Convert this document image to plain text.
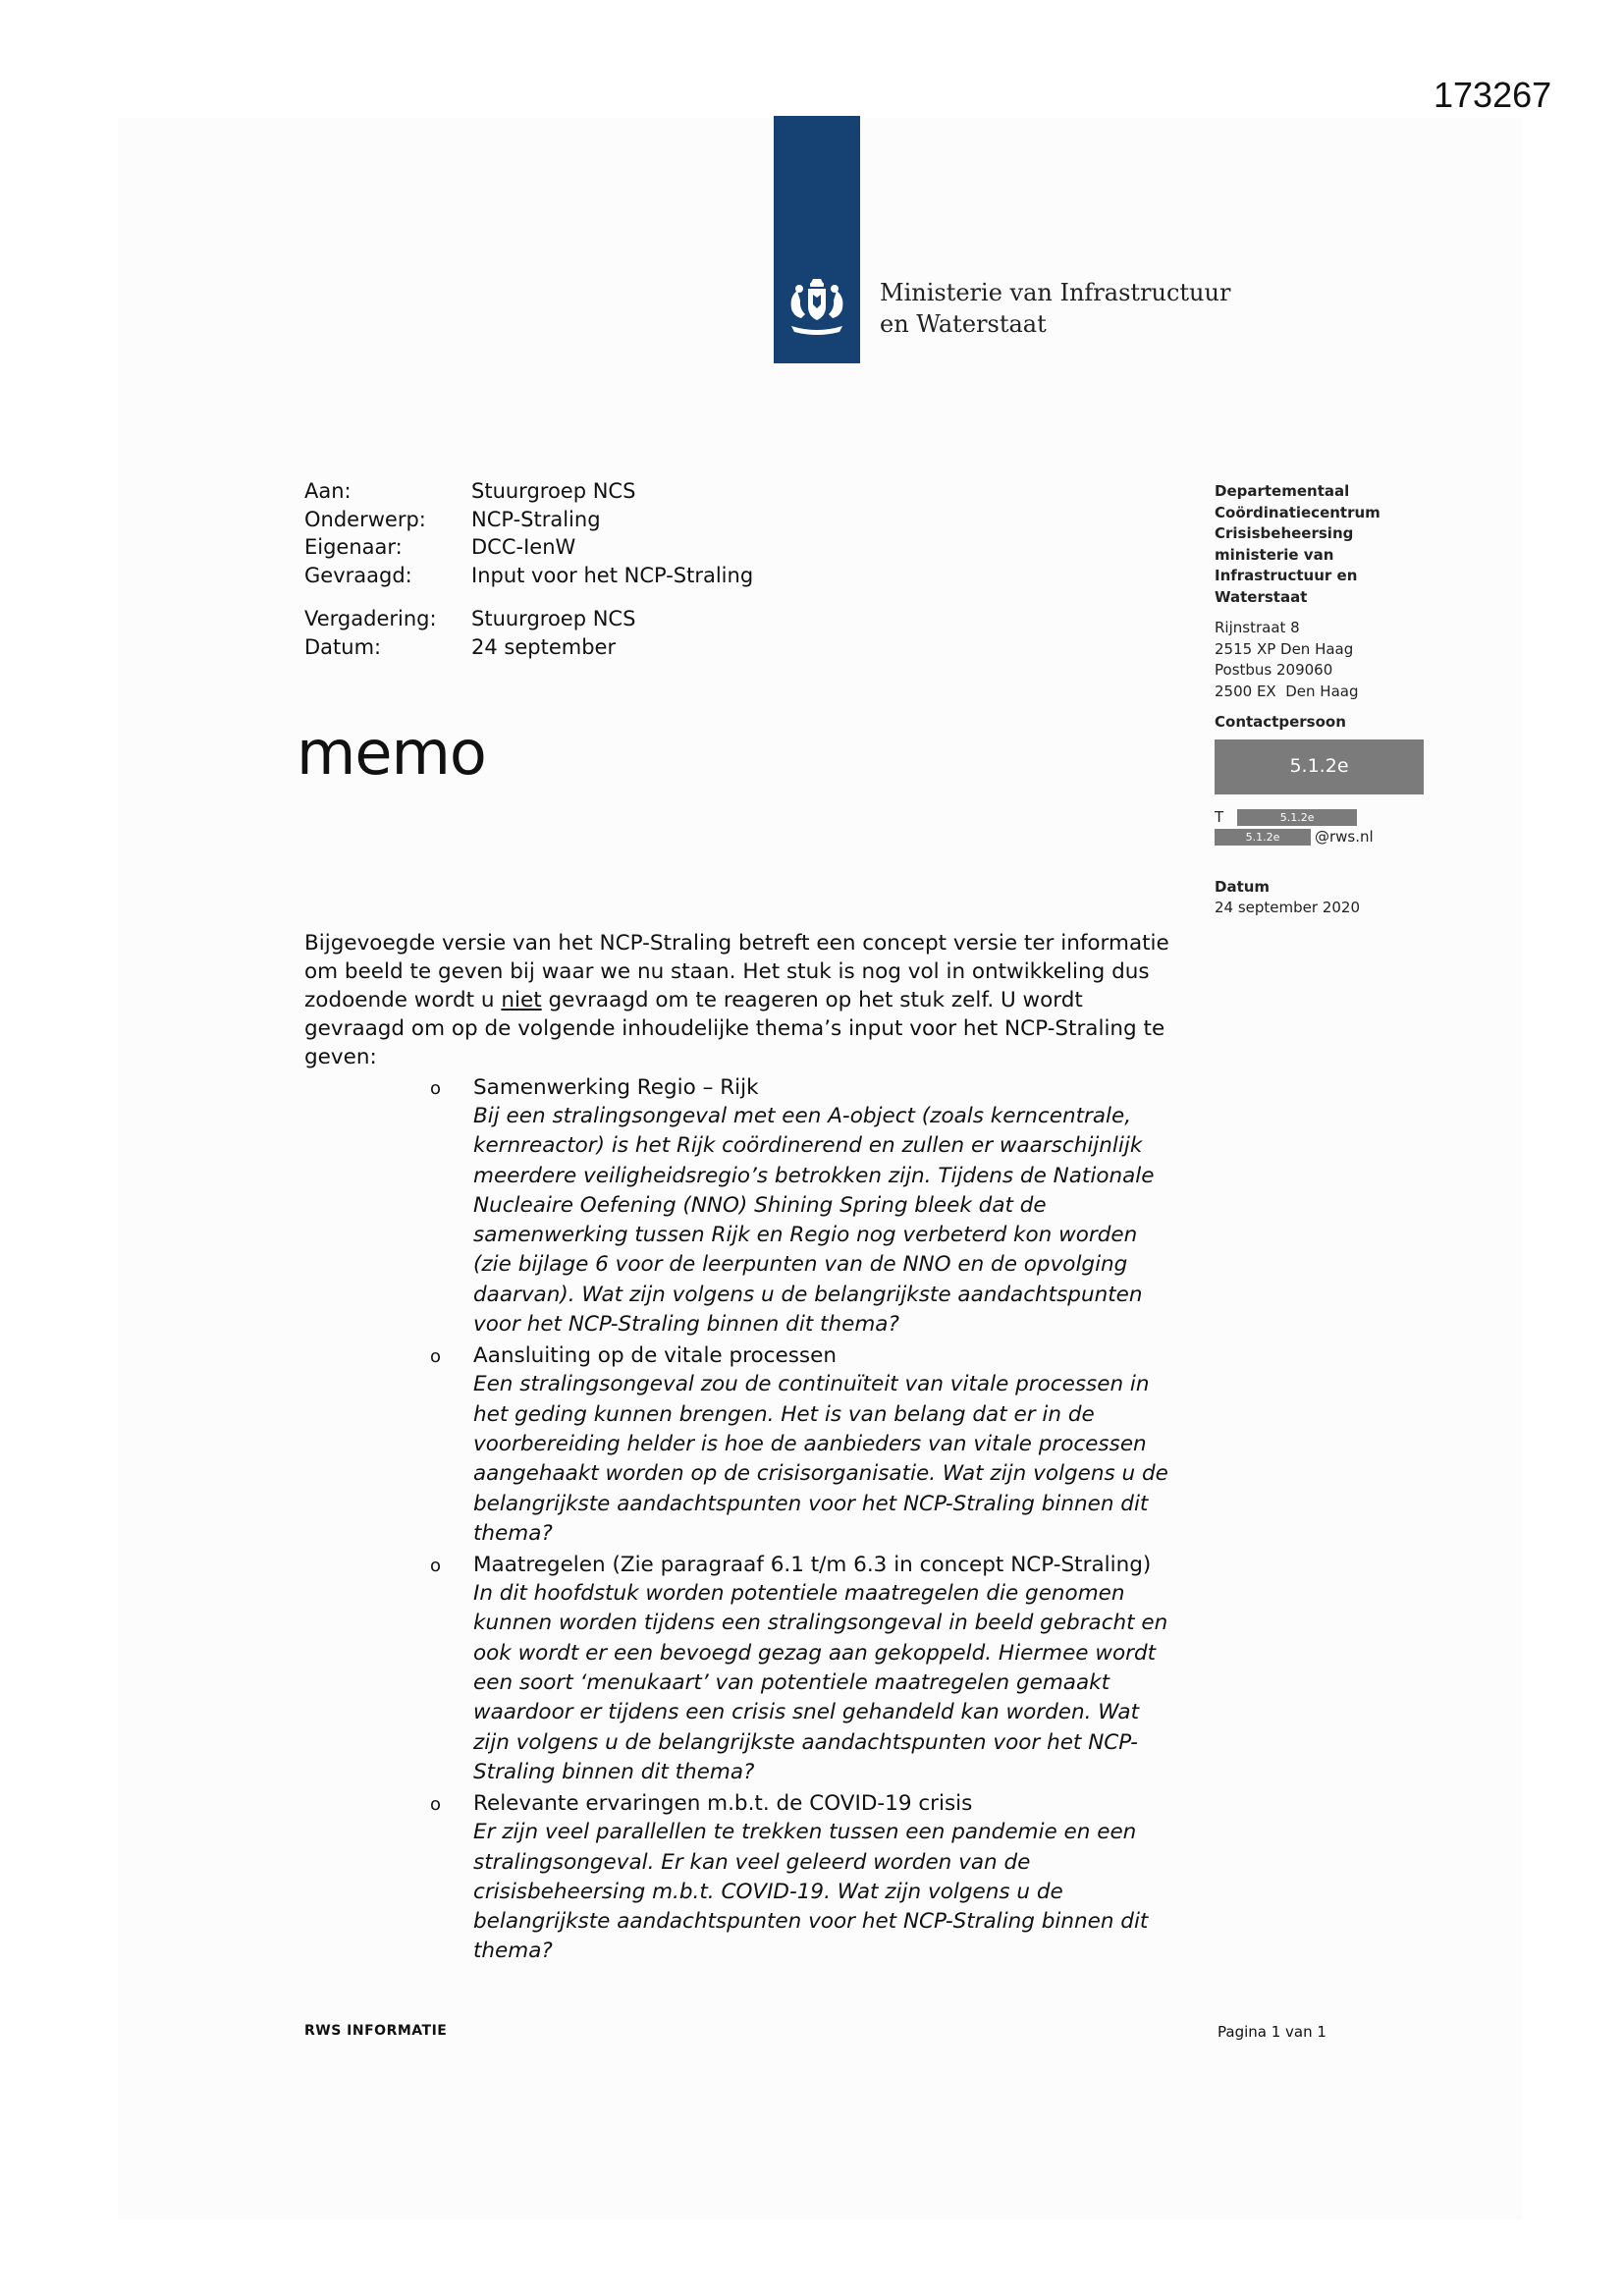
173267
Ministerie van Infrastructuur
en Waterstaat
Aan:	Stuurgroep NCS
Onderwerp:	NCP-Straling
Eigenaar:	DCC-IenW
Gevraagd:	Input voor het NCP-Straling
Vergadering:	Stuurgroep NCS
Datum:	24 september
memo
Departementaal
Coördinatiecentrum
Crisisbeheersing
ministerie van
Infrastructuur en
Waterstaat
Rijnstraat 8
2515 XP Den Haag
Postbus 209060
2500 EX  Den Haag
Contactpersoon
5.1.2e
T	5.1.2e
5.1.2e	@rws.nl
Datum
24 september 2020
Bijgevoegde versie van het NCP-Straling betreft een concept versie ter informatie om beeld te geven bij waar we nu staan. Het stuk is nog vol in ontwikkeling dus zodoende wordt u niet gevraagd om te reageren op het stuk zelf. U wordt gevraagd om op de volgende inhoudelijke thema’s input voor het NCP-Straling te geven:
o Samenwerking Regio – Rijk
Bij een stralingsongeval met een A-object (zoals kerncentrale,
kernreactor) is het Rijk coördinerend en zullen er waarschijnlijk
meerdere veiligheidsregio’s betrokken zijn. Tijdens de Nationale
Nucleaire Oefening (NNO) Shining Spring bleek dat de
samenwerking tussen Rijk en Regio nog verbeterd kon worden
(zie bijlage 6 voor de leerpunten van de NNO en de opvolging
daarvan). Wat zijn volgens u de belangrijkste aandachtspunten
voor het NCP-Straling binnen dit thema?
o Aansluiting op de vitale processen
Een stralingsongeval zou de continuïteit van vitale processen in
het geding kunnen brengen. Het is van belang dat er in de
voorbereiding helder is hoe de aanbieders van vitale processen
aangehaakt worden op de crisisorganisatie. Wat zijn volgens u de
belangrijkste aandachtspunten voor het NCP-Straling binnen dit
thema?
o Maatregelen (Zie paragraaf 6.1 t/m 6.3 in concept NCP-Straling)
In dit hoofdstuk worden potentiele maatregelen die genomen
kunnen worden tijdens een stralingsongeval in beeld gebracht en
ook wordt er een bevoegd gezag aan gekoppeld. Hiermee wordt
een soort ‘menukaart’ van potentiele maatregelen gemaakt
waardoor er tijdens een crisis snel gehandeld kan worden. Wat
zijn volgens u de belangrijkste aandachtspunten voor het NCP-
Straling binnen dit thema?
o Relevante ervaringen m.b.t. de COVID-19 crisis
Er zijn veel parallellen te trekken tussen een pandemie en een
stralingsongeval. Er kan veel geleerd worden van de
crisisbeheersing m.b.t. COVID-19. Wat zijn volgens u de
belangrijkste aandachtspunten voor het NCP-Straling binnen dit
thema?
RWS INFORMATIE	Pagina 1 van 1
